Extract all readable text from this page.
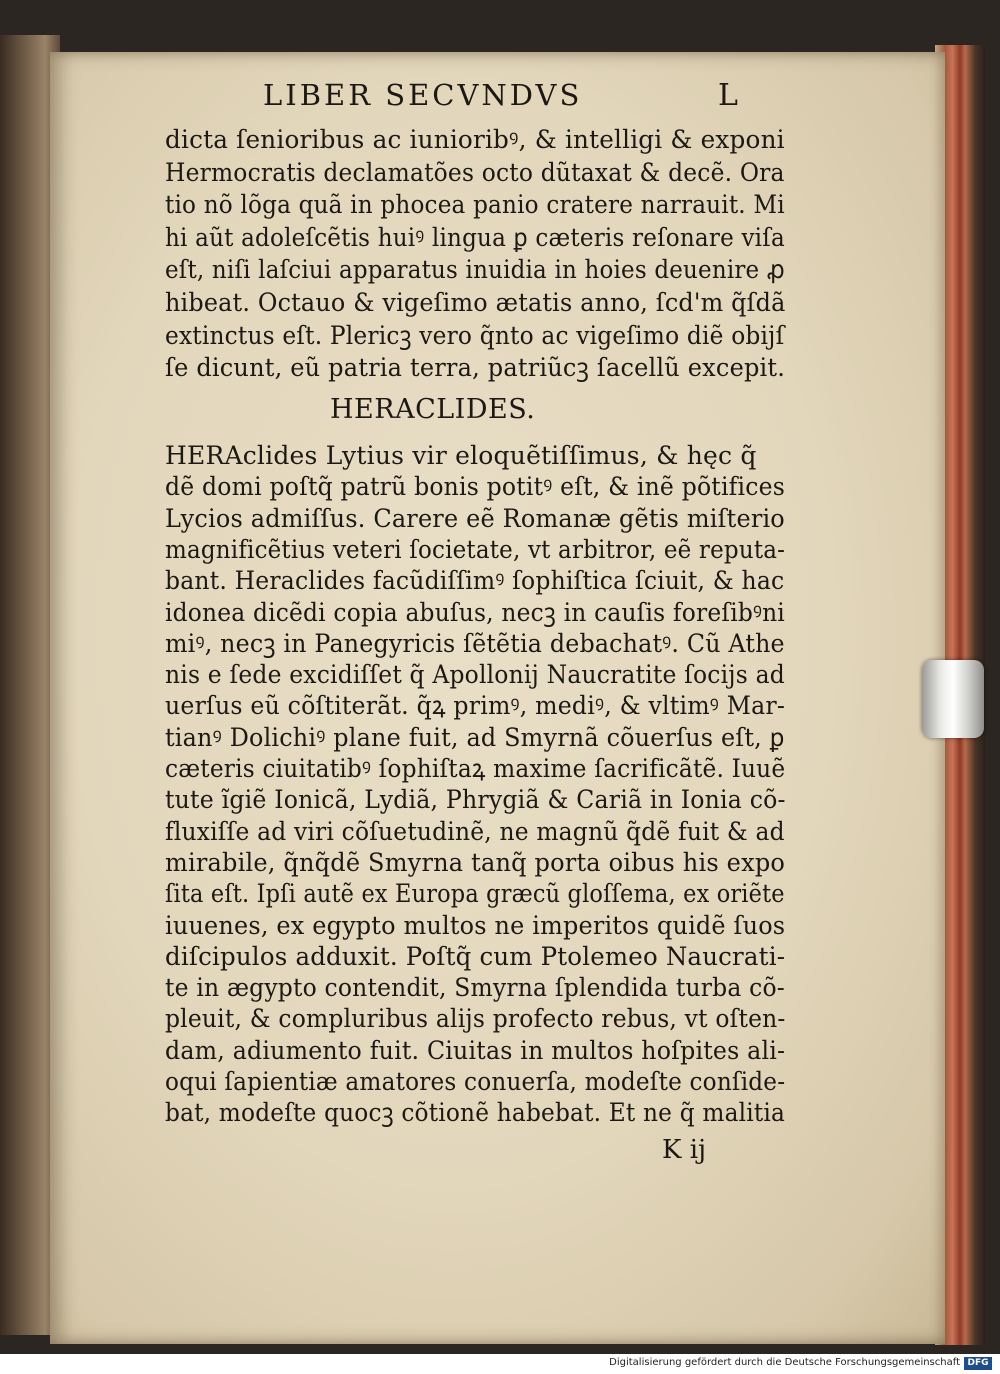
LIBER SECVNDVS	L
dicta ſenioribus ac iunioribꝰ, & intelligi & exponi
Hermocratis declamatões octo dũtaxat & decẽ. Ora
tio nõ lõga quã in phocea panio cratere narrauit. Mi
hi aũt adoleſcẽtis huiꝰ lingua ꝑ cæteris reſonare viſa
eſt, niſi laſciui apparatus inuidia in hoies deuenire ꝓ
hibeat. Octauo & vigeſimo ætatis anno, ſcd'm q̃ſdã
extinctus eſt. Plericꝫ vero q̃nto ac vigeſimo diẽ obijſ
ſe dicunt, eũ patria terra, patriũcꝫ ſacellũ excepit.
HERACLIDES.
HERAclides Lytius vir eloquẽtiſſimus, & hęc q̃
dẽ domi poſtq̃ patrũ bonis potitꝰ eſt, & inẽ põtifices
Lycios admiſſus. Carere eẽ Romanæ gẽtis miſterio
magnificẽtius veteri ſocietate, vt arbitror, eẽ reputa-
bant. Heraclides facũdiſſimꝰ ſophiſtica ſciuit, & hac
idonea dicẽdi copia abuſus, necꝫ in cauſis foreſibꝰni
miꝰ, necꝫ in Panegyricis ſẽtẽtia debachatꝰ. Cũ Athe
nis e ſede excidiſſet q̃ Apollonij Naucratite ſocijs ad
uerſus eũ cõſtiterãt. q̃ꝝ primꝰ, mediꝰ, & vltimꝰ Mar-
tianꝰ Dolichiꝰ plane fuit, ad Smyrnã cõuerſus eſt, ꝑ
cæteris ciuitatibꝰ ſophiſtaꝝ maxime ſacrificãtẽ. Iuuẽ
tute ĩgiẽ Ionicã, Lydiã, Phrygiã & Cariã in Ionia cõ-
fluxiſſe ad viri cõſuetudinẽ, ne magnũ q̃dẽ fuit & ad
mirabile, q̃nq̃dẽ Smyrna tanq̃ porta oibus his expo
ſita eſt. Ipſi autẽ ex Europa græcũ gloſſema, ex oriẽte
iuuenes, ex egypto multos ne imperitos quidẽ ſuos
diſcipulos adduxit. Poſtq̃ cum Ptolemeo Naucrati-
te in ægypto contendit, Smyrna ſplendida turba cõ-
pleuit, & compluribus alijs profecto rebus, vt oſten-
dam, adiumento fuit. Ciuitas in multos hoſpites ali-
oqui ſapientiæ amatores conuerſa, modeſte conſide-
bat, modeſte quocꝫ cõtionẽ habebat. Et ne q̃ malitia
K ij
Digitalisierung gefördert durch die Deutsche Forschungsgemeinschaft DFG
